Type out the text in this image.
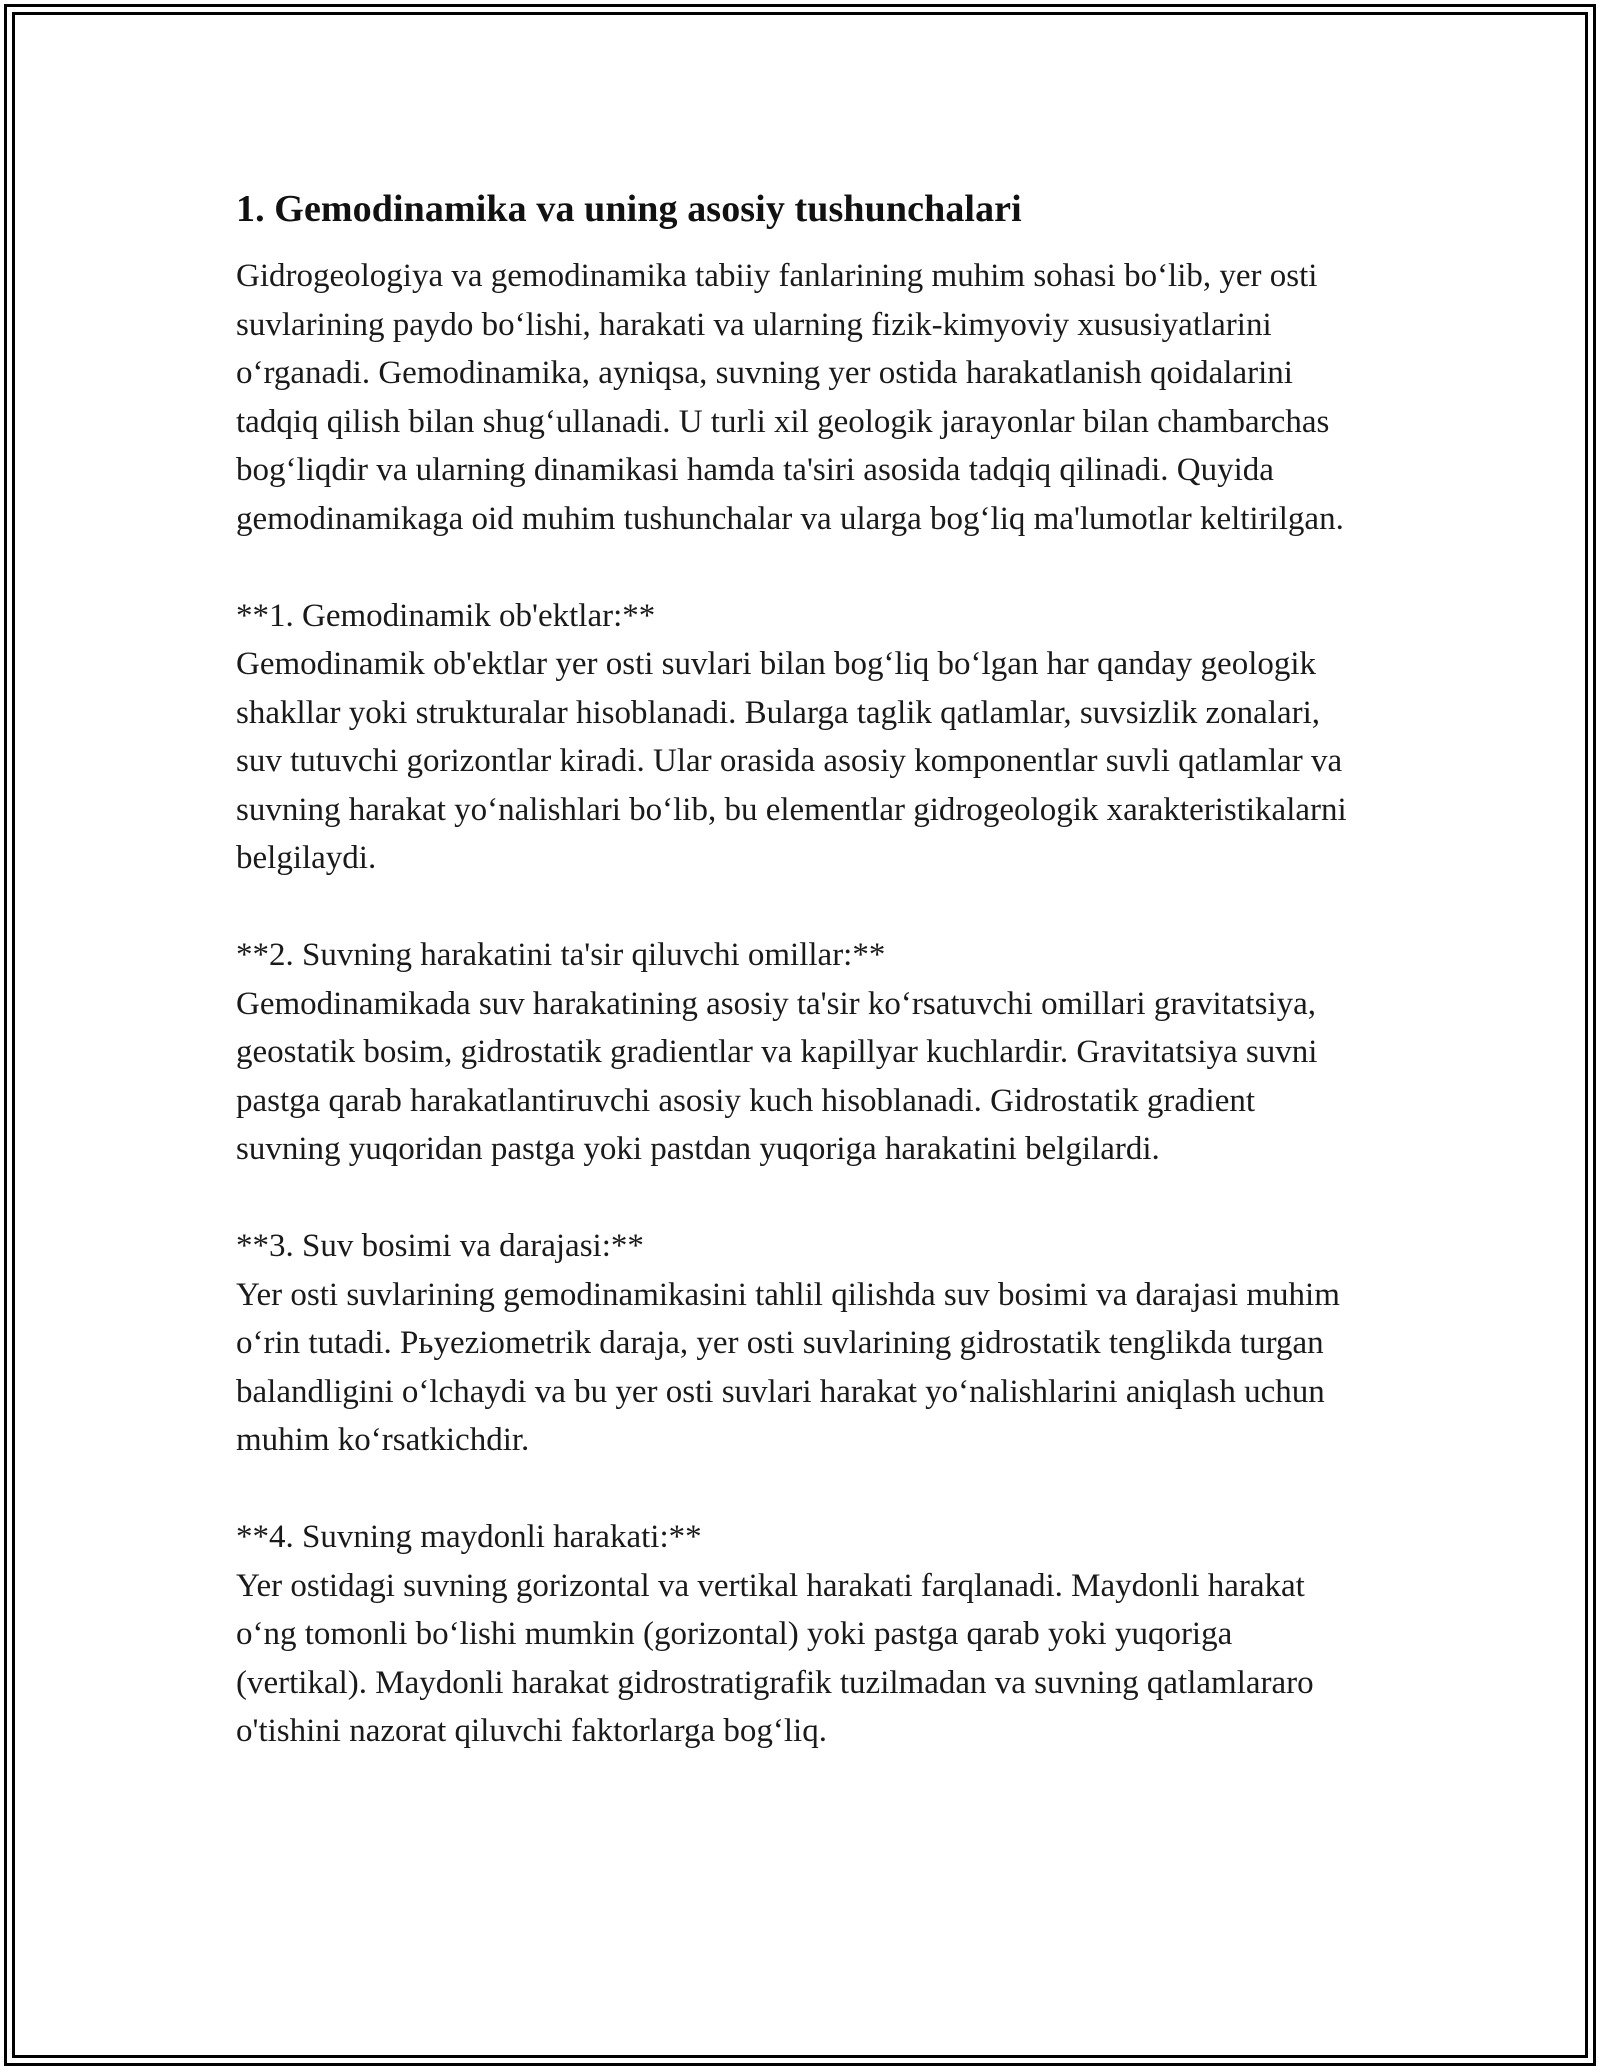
1. Gemodinamika va uning asosiy tushunchalari

Gidrogeologiya va gemodinamika tabiiy fanlarining muhim sohasi bo‘lib, yer osti suvlarining paydo bo‘lishi, harakati va ularning fizik-kimyoviy xususiyatlarini o‘rganadi. Gemodinamika, ayniqsa, suvning yer ostida harakatlanish qoidalarini tadqiq qilish bilan shug‘ullanadi. U turli xil geologik jarayonlar bilan chambarchas bog‘liqdir va ularning dinamikasi hamda ta'siri asosida tadqiq qilinadi. Quyida gemodinamikaga oid muhim tushunchalar va ularga bog‘liq ma'lumotlar keltirilgan.

**1. Gemodinamik ob'ektlar:**

Gemodinamik ob'ektlar yer osti suvlari bilan bog‘liq bo‘lgan har qanday geologik shakllar yoki strukturalar hisoblanadi. Bularga taglik qatlamlar, suvsizlik zonalari, suv tutuvchi gorizontlar kiradi. Ular orasida asosiy komponentlar suvli qatlamlar va suvning harakat yo‘nalishlari bo‘lib, bu elementlar gidrogeologik xarakteristikalarni belgilaydi.

**2. Suvning harakatini ta'sir qiluvchi omillar:**

Gemodinamikada suv harakatining asosiy ta'sir ko‘rsatuvchi omillari gravitatsiya, geostatik bosim, gidrostatik gradientlar va kapillyar kuchlardir. Gravitatsiya suvni pastga qarab harakatlantiruvchi asosiy kuch hisoblanadi. Gidrostatik gradient suvning yuqoridan pastga yoki pastdan yuqoriga harakatini belgilardi.

**3. Suv bosimi va darajasi:**

Yer osti suvlarining gemodinamikasini tahlil qilishda suv bosimi va darajasi muhim o‘rin tutadi. Рьyeziometrik daraja, yer osti suvlarining gidrostatik tenglikda turgan balandligini o‘lchaydi va bu yer osti suvlari harakat yo‘nalishlarini aniqlash uchun muhim ko‘rsatkichdir.

**4. Suvning maydonli harakati:**

Yer ostidagi suvning gorizontal va vertikal harakati farqlanadi. Maydonli harakat o‘ng tomonli bo‘lishi mumkin (gorizontal) yoki pastga qarab yoki yuqoriga (vertikal). Maydonli harakat gidrostratigrafik tuzilmadan va suvning qatlamlararo o'tishini nazorat qiluvchi faktorlarga bog‘liq.
